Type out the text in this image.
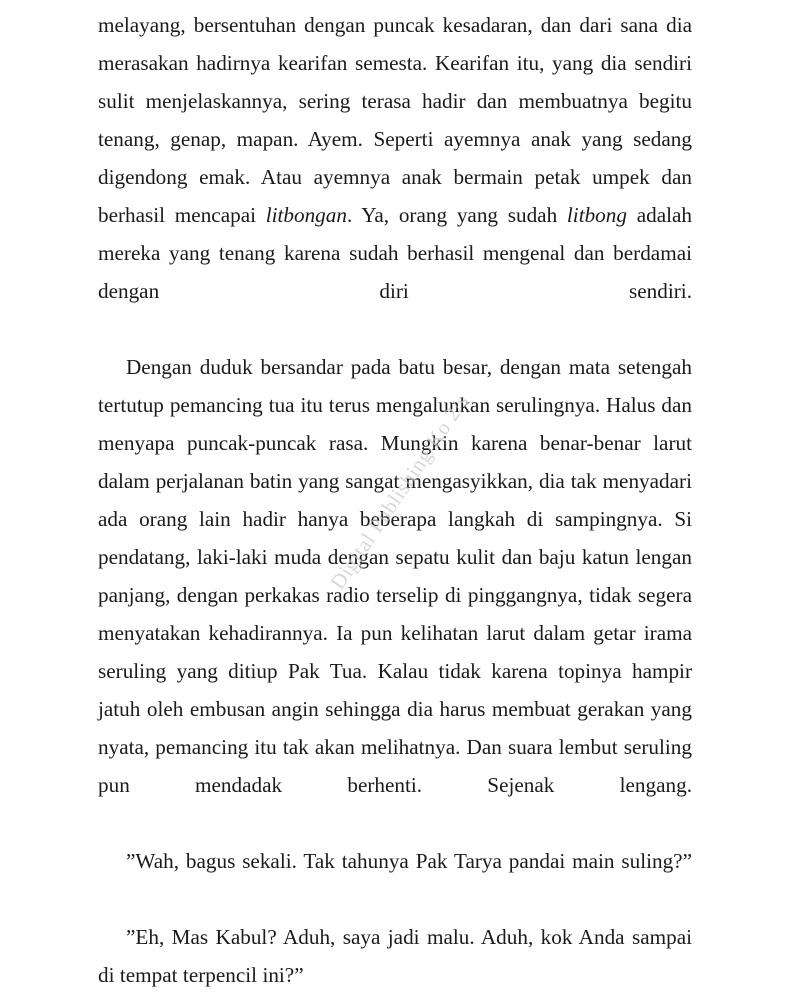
Digital Publishing/Ko 2/s

melayang, bersentuhan dengan puncak kesadaran, dan dari sana dia merasakan hadirnya kearifan semesta. Kearifan itu, yang dia sendiri sulit menjelaskannya, sering terasa hadir dan membuatnya begitu tenang, genap, mapan. Ayem. Seperti ayemnya anak yang sedang digendong emak. Atau ayemnya anak bermain petak umpek dan berhasil mencapai litbongan. Ya, orang yang sudah litbong adalah mereka yang tenang karena sudah berhasil mengenal dan berdamai dengan diri sendiri.

Dengan duduk bersandar pada batu besar, dengan mata setengah tertutup pemancing tua itu terus mengalunkan serulingnya. Halus dan menyapa puncak-puncak rasa. Mungkin karena benar-benar larut dalam perjalanan batin yang sangat mengasyikkan, dia tak menyadari ada orang lain hadir hanya beberapa langkah di sampingnya. Si pendatang, laki-laki muda dengan sepatu kulit dan baju katun lengan panjang, dengan perkakas radio terselip di pinggangnya, tidak segera menyatakan kehadirannya. Ia pun kelihatan larut dalam getar irama seruling yang ditiup Pak Tua. Kalau tidak karena topinya hampir jatuh oleh embusan angin sehingga dia harus membuat gerakan yang nyata, pemancing itu tak akan melihatnya. Dan suara lembut seruling pun mendadak berhenti. Sejenak lengang.

”Wah, bagus sekali. Tak tahunya Pak Tarya pandai main suling?”

”Eh, Mas Kabul? Aduh, saya jadi malu. Aduh, kok Anda sampai di tempat terpencil ini?”
